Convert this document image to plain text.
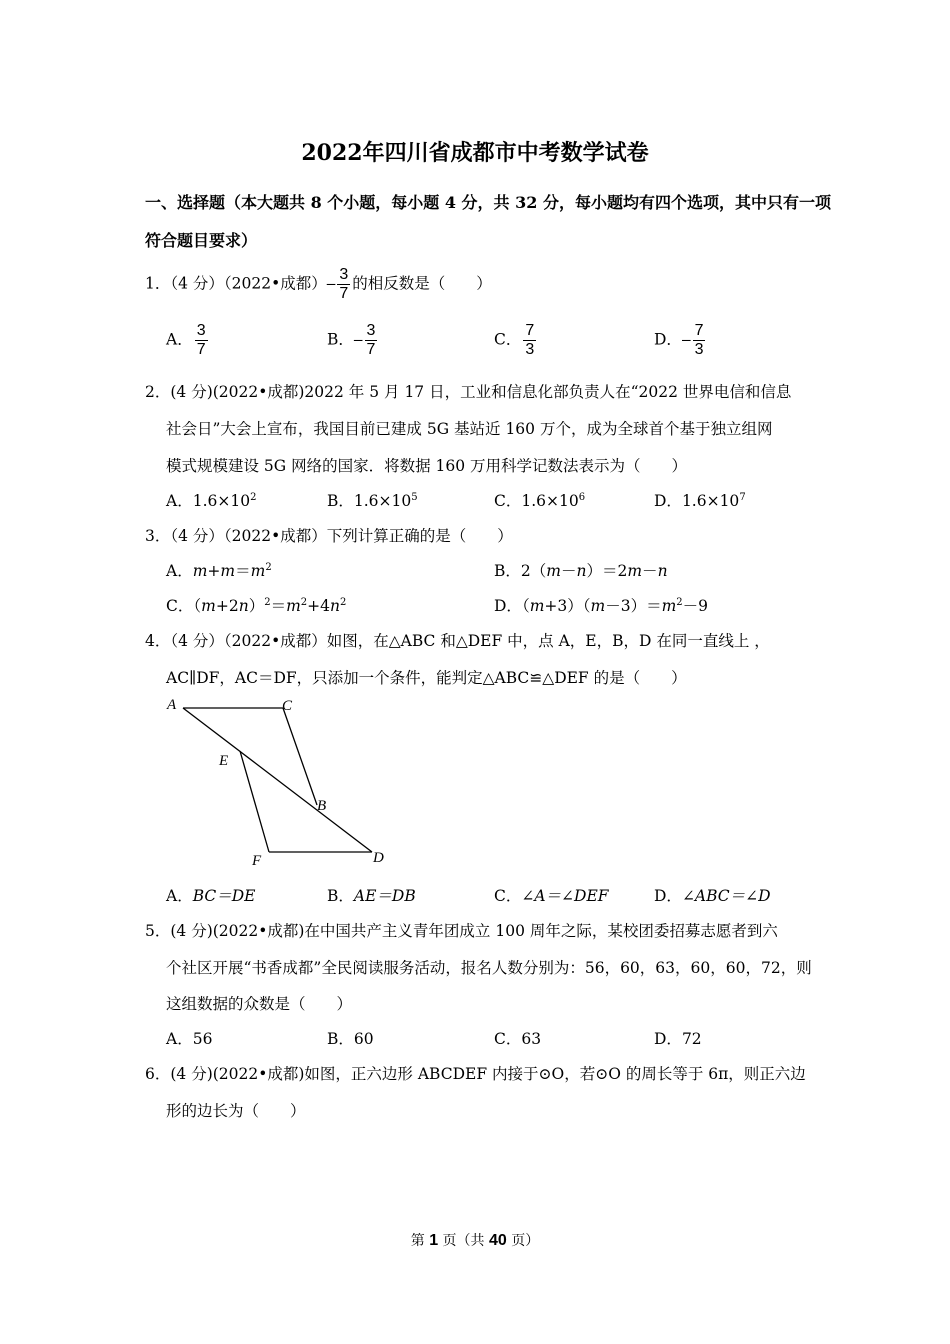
2022年四川省成都市中考数学试卷
一、选择题（本大题共 8 个小题，每小题 4 分，共 32 分，每小题均有四个选项，其中只有一项
符合题目要求）
1．（4 分）（2022•成都）– $\frac{3}{7}$ 的相反数是（　　）
A． $\frac{3}{7}$	B．– $\frac{3}{7}$	C． $\frac{7}{3}$	D．– $\frac{7}{3}$
2．(4 分)(2022•成都)2022 年 5 月 17 日，工业和信息化部负责人在“2022 世界电信和信息
社会日”大会上宣布，我国目前已建成 5G 基站近 160 万个，成为全球首个基于独立组网
模式规模建设 5G 网络的国家．将数据 160 万用科学记数法表示为（　　）
A．$1.6\times 10^2$	B．$1.6\times 10^5$	C．$1.6\times 10^6$	D．$1.6\times 10^7$
3．（4 分）（2022•成都）下列计算正确的是（　　）
A．$m+m=m^2$	B．2（m－n）＝2m－n
C．$(m+2n)^2=m^2+4n^2$	D．$(m+3)(m-3)=m^2-9$
4．（4 分）（2022•成都）如图，在△ABC 和△DEF 中，点 A，E，B，D 在同一直线上 ，
AC∥DF，AC＝DF，只添加一个条件，能判定△ABC≌△DEF 的是（　　）
A	C
E
B
F	D
A．BC＝DE	B．AE＝DB	C．∠A＝∠DEF	D．∠ABC＝∠D
5．(4 分)(2022•成都)在中国共产主义青年团成立 100 周年之际，某校团委招募志愿者到六
个社区开展“书香成都”全民阅读服务活动，报名人数分别为：56，60，63，60，60，72，则
这组数据的众数是（　　）
A．56	B．60	C．63	D．72
6．(4 分)(2022•成都)如图，正六边形 ABCDEF 内接于⊙O，若⊙O 的周长等于 6π，则正六边
形的边长为（　　）
第 1 页（共 40 页）
